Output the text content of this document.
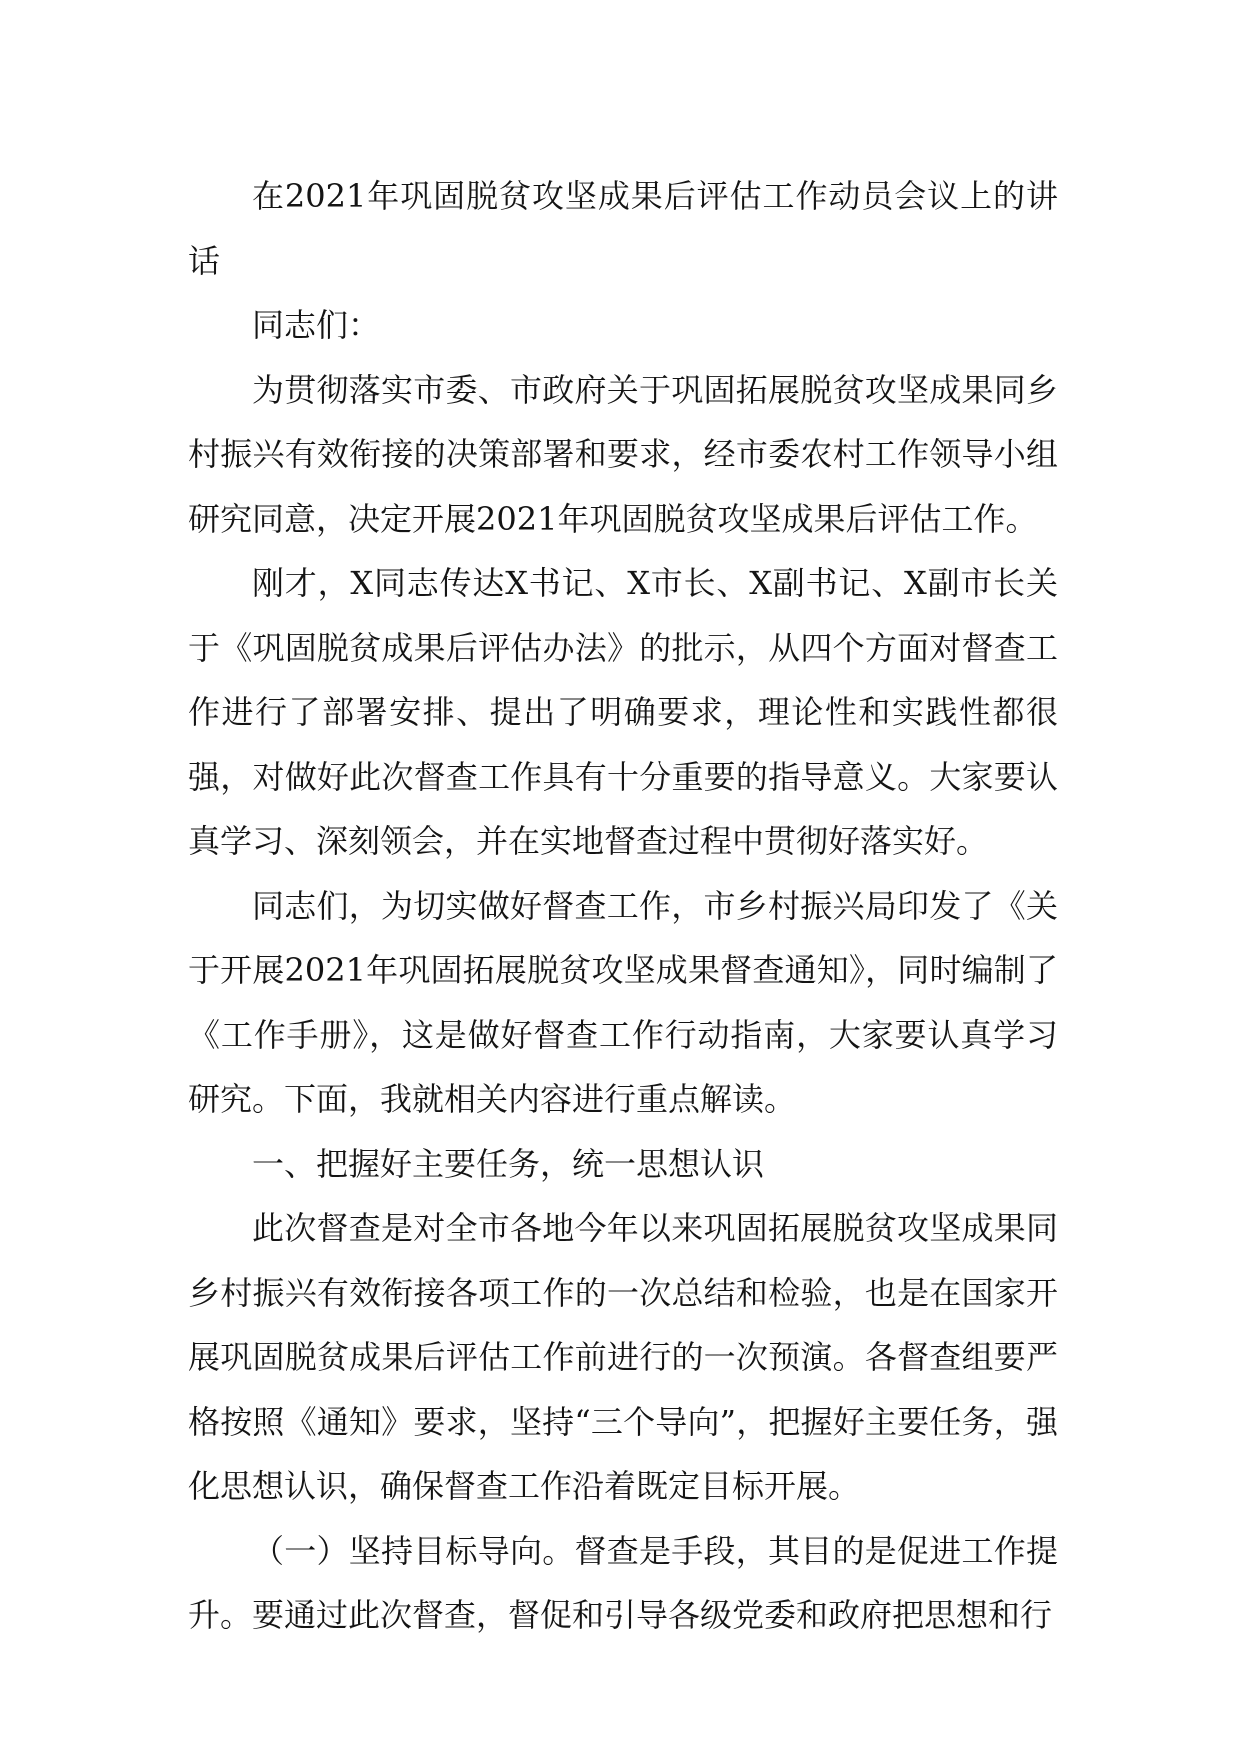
在2021年巩固脱贫攻坚成果后评估工作动员会议上的讲话

同志们：

为贯彻落实市委、市政府关于巩固拓展脱贫攻坚成果同乡村振兴有效衔接的决策部署和要求，经市委农村工作领导小组研究同意，决定开展2021年巩固脱贫攻坚成果后评估工作。

刚才，X同志传达X书记、X市长、X副书记、X副市长关于《巩固脱贫成果后评估办法》的批示，从四个方面对督查工作进行了部署安排、提出了明确要求，理论性和实践性都很强，对做好此次督查工作具有十分重要的指导意义。大家要认真学习、深刻领会，并在实地督查过程中贯彻好落实好。

同志们，为切实做好督查工作，市乡村振兴局印发了《关于开展2021年巩固拓展脱贫攻坚成果督查通知》，同时编制了《工作手册》，这是做好督查工作行动指南，大家要认真学习研究。下面，我就相关内容进行重点解读。

一、把握好主要任务，统一思想认识

此次督查是对全市各地今年以来巩固拓展脱贫攻坚成果同乡村振兴有效衔接各项工作的一次总结和检验，也是在国家开展巩固脱贫成果后评估工作前进行的一次预演。各督查组要严格按照《通知》要求，坚持“三个导向”，把握好主要任务，强化思想认识，确保督查工作沿着既定目标开展。

（一）坚持目标导向。督查是手段，其目的是促进工作提升。要通过此次督查，督促和引导各级党委和政府把思想和行
